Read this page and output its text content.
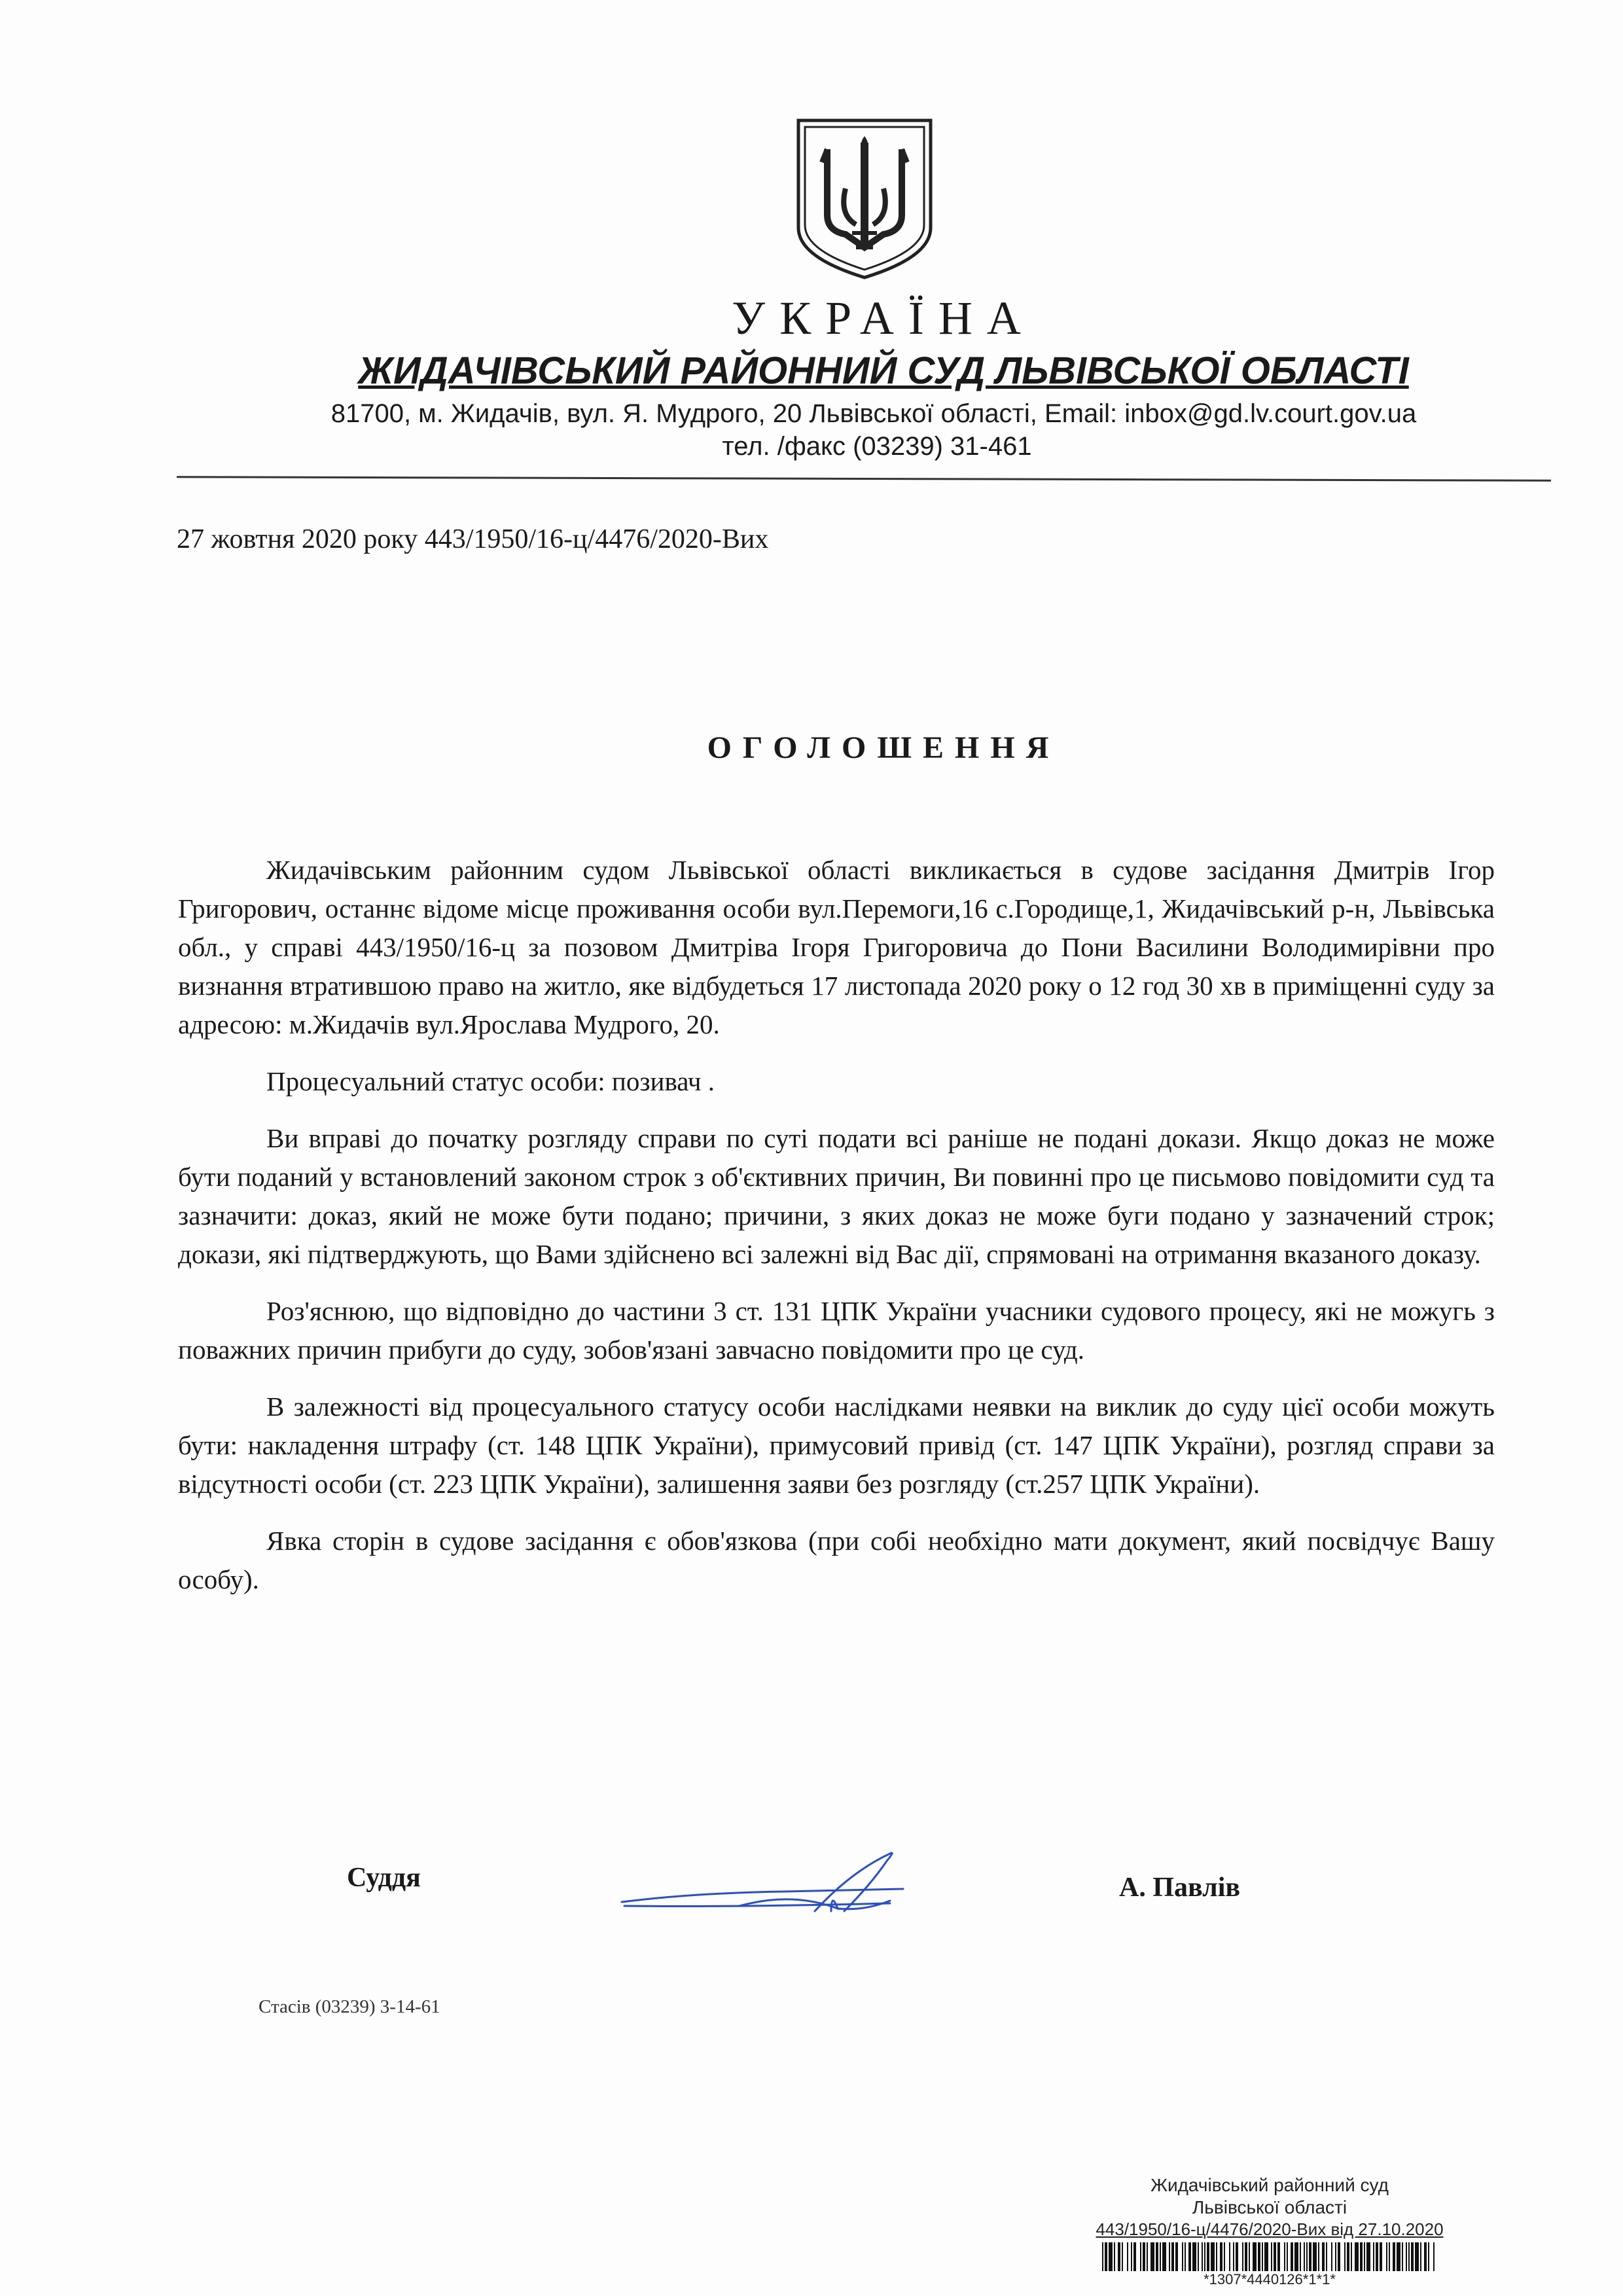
УКРАЇНА
ЖИДАЧІВСЬКИЙ РАЙОННИЙ СУД ЛЬВІВСЬКОЇ ОБЛАСТІ
81700, м. Жидачів, вул. Я. Мудрого, 20 Львівської області, Email: inbox@gd.lv.court.gov.ua
тел. /факс (03239) 31-461
27 жовтня 2020 року 443/1950/16-ц/4476/2020-Вих
ОГОЛОШЕННЯ

Жидачівським районним судом Львівської області викликається в судове засідання Дмитрів Ігор Григорович, останнє відоме місце проживання особи вул.Перемоги,16 с.Городище,1, Жидачівський р-н, Львівська обл., у справі 443/1950/16-ц за позовом Дмитріва Ігоря Григоровича до Пони Василини Володимирівни про визнання втратившою право на житло, яке відбудеться 17 листопада 2020 року о 12 год 30 хв в приміщенні суду за адресою: м.Жидачів вул.Ярослава Мудрого, 20.

Процесуальний статус особи: позивач .

Ви вправі до початку розгляду справи по суті подати всі раніше не подані докази. Якщо доказ не може бути поданий у встановлений законом строк з об'єктивних причин, Ви повинні про це письмово повідомити суд та зазначити: доказ, який не може бути подано; причини, з яких доказ не може буги подано у зазначений строк; докази, які підтверджують, що Вами здійснено всі залежні від Вас дії, спрямовані на отримання вказаного доказу.

Роз'яснюю, що відповідно до частини 3 ст. 131 ЦПК України учасники судового процесу, які не можугь з поважних причин прибуги до суду, зобов'язані завчасно повідомити про це суд.

В залежності від процесуального статусу особи наслідками неявки на виклик до суду цієї особи можуть бути: накладення штрафу (ст. 148 ЦПК України), примусовий привід (ст. 147 ЦПК України), розгляд справи за відсутності особи (ст. 223 ЦПК України), залишення заяви без розгляду (ст.257 ЦПК України).

Явка сторін в судове засідання є обов'язкова (при собі необхідно мати документ, який посвідчує Вашу особу).

Суддя	А. Павлів
Стасів (03239) 3-14-61
Жидачівський районний суд
Львівської області
443/1950/16-ц/4476/2020-Вих від 27.10.2020
*1307*4440126*1*1*
